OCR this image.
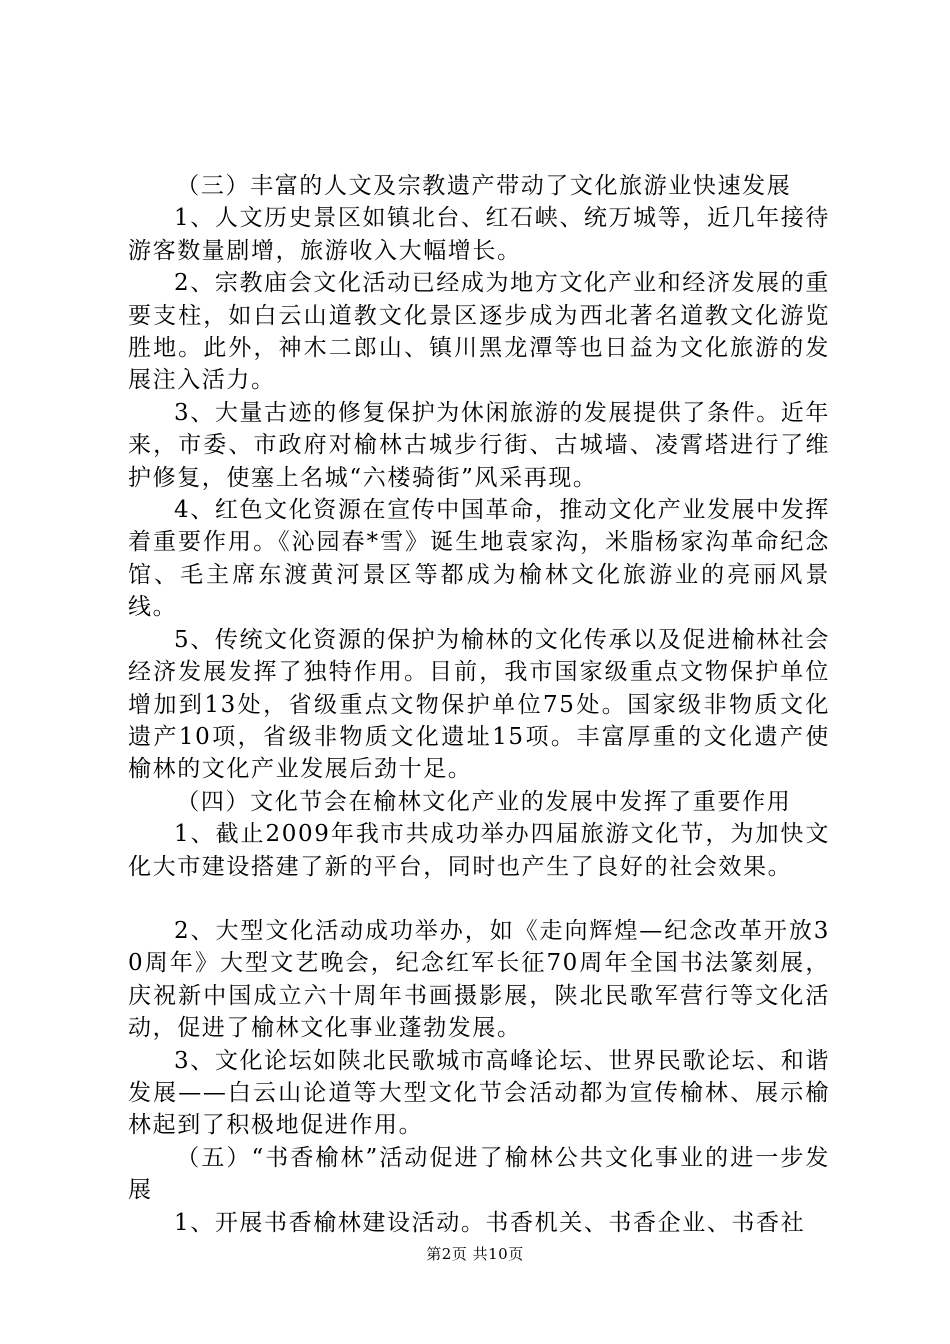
（三）丰富的人文及宗教遗产带动了文化旅游业快速发展

1、人文历史景区如镇北台、红石峡、统万城等，近几年接待游客数量剧增，旅游收入大幅增长。

2、宗教庙会文化活动已经成为地方文化产业和经济发展的重要支柱，如白云山道教文化景区逐步成为西北著名道教文化游览胜地。此外，神木二郎山、镇川黑龙潭等也日益为文化旅游的发展注入活力。

3、大量古迹的修复保护为休闲旅游的发展提供了条件。近年来，市委、市政府对榆林古城步行街、古城墙、凌霄塔进行了维护修复，使塞上名城“六楼骑街”风采再现。

4、红色文化资源在宣传中国革命，推动文化产业发展中发挥着重要作用。《沁园春*雪》诞生地袁家沟，米脂杨家沟革命纪念馆、毛主席东渡黄河景区等都成为榆林文化旅游业的亮丽风景线。

5、传统文化资源的保护为榆林的文化传承以及促进榆林社会经济发展发挥了独特作用。目前，我市国家级重点文物保护单位增加到13处，省级重点文物保护单位75处。国家级非物质文化遗产10项，省级非物质文化遗址15项。丰富厚重的文化遗产使榆林的文化产业发展后劲十足。

（四）文化节会在榆林文化产业的发展中发挥了重要作用

1、截止2009年我市共成功举办四届旅游文化节，为加快文化大市建设搭建了新的平台，同时也产生了良好的社会效果。

2、大型文化活动成功举办，如《走向辉煌—纪念改革开放30周年》大型文艺晚会，纪念红军长征70周年全国书法篆刻展，庆祝新中国成立六十周年书画摄影展，陕北民歌军营行等文化活动，促进了榆林文化事业蓬勃发展。

3、文化论坛如陕北民歌城市高峰论坛、世界民歌论坛、和谐发展——白云山论道等大型文化节会活动都为宣传榆林、展示榆林起到了积极地促进作用。

（五）“书香榆林”活动促进了榆林公共文化事业的进一步发展

1、开展书香榆林建设活动。书香机关、书香企业、书香社

第2页 共10页
